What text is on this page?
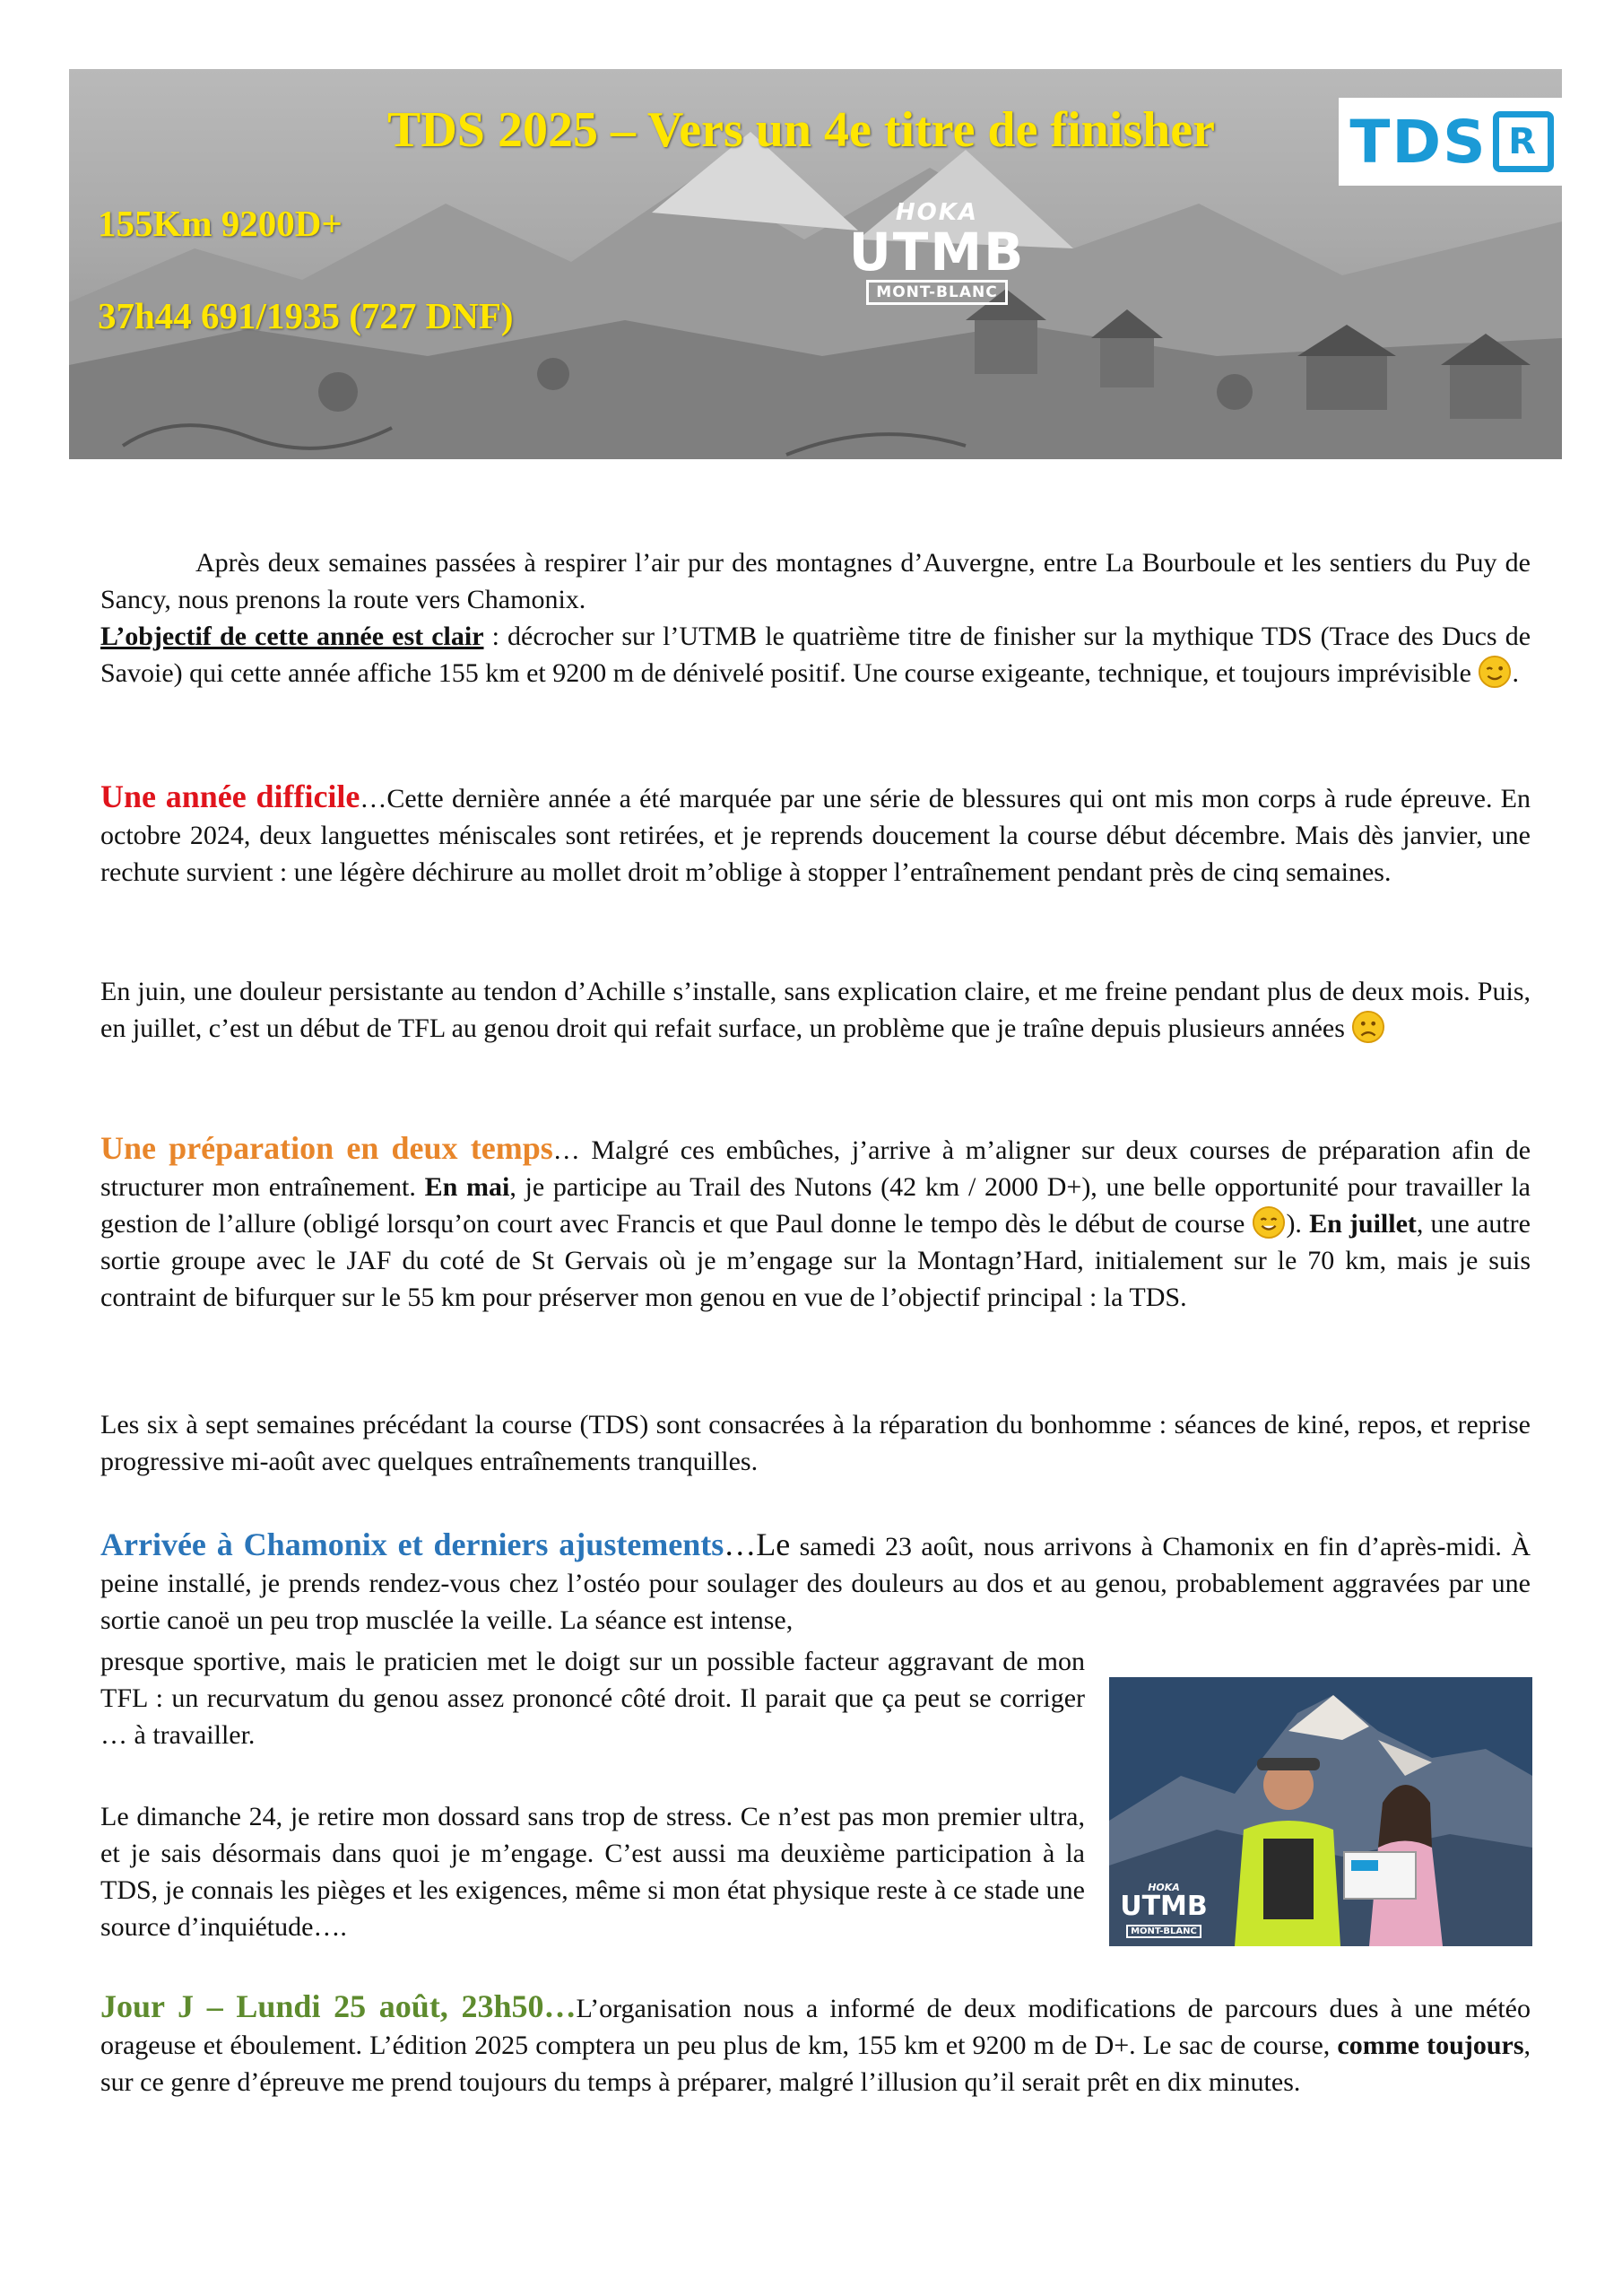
TDS 2025 – Vers un 4e titre de finisher
155Km 9200D+
37h44 691/1935 (727 DNF)
HOKA
UTMB
MONT-BLANC
TDS R

Après deux semaines passées à respirer l’air pur des montagnes d’Auvergne, entre La Bourboule et les sentiers du Puy de Sancy, nous prenons la route vers Chamonix.
L’objectif de cette année est clair : décrocher sur l’UTMB le quatrième titre de finisher sur la mythique TDS (Trace des Ducs de Savoie) qui cette année affiche 155 km et 9200 m de dénivelé positif. Une course exigeante, technique, et toujours imprévisible .

Une année difficile…Cette dernière année a été marquée par une série de blessures qui ont mis mon corps à rude épreuve. En octobre 2024, deux languettes méniscales sont retirées, et je reprends doucement la course début décembre. Mais dès janvier, une rechute survient : une légère déchirure au mollet droit m’oblige à stopper l’entraînement pendant près de cinq semaines.

En juin, une douleur persistante au tendon d’Achille s’installe, sans explication claire, et me freine pendant plus de deux mois. Puis, en juillet, c’est un début de TFL au genou droit qui refait surface, un problème que je traîne depuis plusieurs années

Une préparation en deux temps… Malgré ces embûches, j’arrive à m’aligner sur deux courses de préparation afin de structurer mon entraînement. En mai, je participe au Trail des Nutons (42 km / 2000 D+), une belle opportunité pour travailler la gestion de l’allure (obligé lorsqu’on court avec Francis et que Paul donne le tempo dès le début de course ). En juillet, une autre sortie groupe avec le JAF du coté de St Gervais où je m’engage sur la Montagn’Hard, initialement sur le 70 km, mais je suis contraint de bifurquer sur le 55 km pour préserver mon genou en vue de l’objectif principal : la TDS.

Les six à sept semaines précédant la course (TDS) sont consacrées à la réparation du bonhomme : séances de kiné, repos, et reprise progressive mi-août avec quelques entraînements tranquilles.

Arrivée à Chamonix et derniers ajustements…Le samedi 23 août, nous arrivons à Chamonix en fin d’après-midi. À peine installé, je prends rendez-vous chez l’ostéo pour soulager des douleurs au dos et au genou, probablement aggravées par une sortie canoë un peu trop musclée la veille. La séance est intense,

presque sportive, mais le praticien met le doigt sur un possible facteur aggravant de mon TFL : un recurvatum du genou assez prononcé côté droit. Il parait que ça peut se corriger … à travailler.

Le dimanche 24, je retire mon dossard sans trop de stress. Ce n’est pas mon premier ultra, et je sais désormais dans quoi je m’engage. C’est aussi ma deuxième participation à la TDS, je connais les pièges et les exigences, même si mon état physique reste à ce stade une source d’inquiétude….

HOKA
UTMB
MONT-BLANC

Jour J – Lundi 25 août, 23h50…L’organisation nous a informé de deux modifications de parcours dues à une météo orageuse et éboulement. L’édition 2025 comptera un peu plus de km, 155 km et 9200 m de D+. Le sac de course, comme toujours, sur ce genre d’épreuve me prend toujours du temps à préparer, malgré l’illusion qu’il serait prêt en dix minutes.
